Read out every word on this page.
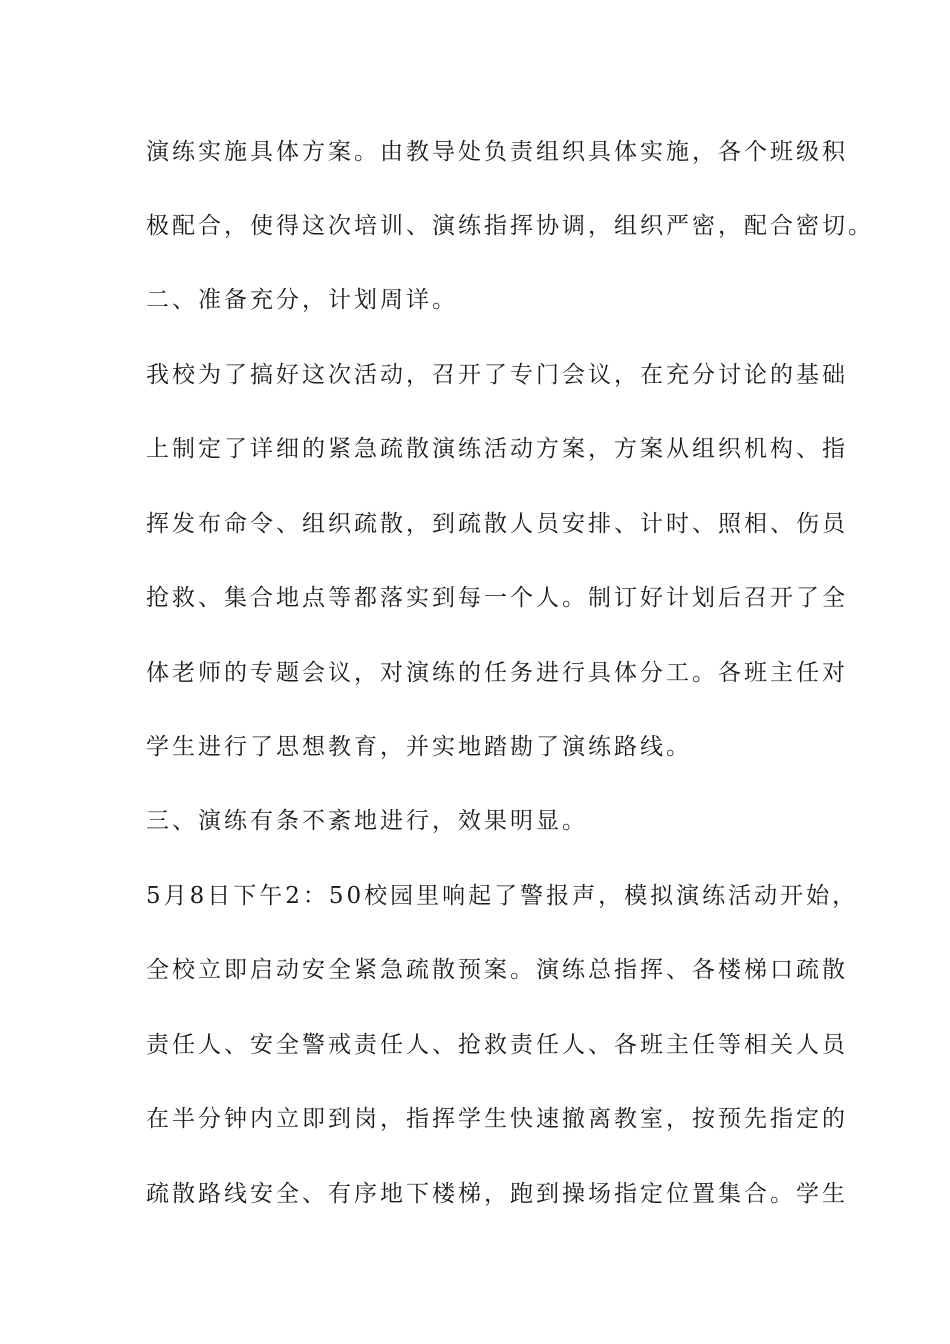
演练实施具体方案。由教导处负责组织具体实施，各个班级积
极配合，使得这次培训、演练指挥协调，组织严密，配合密切。
二、准备充分，计划周详。
我校为了搞好这次活动，召开了专门会议，在充分讨论的基础
上制定了详细的紧急疏散演练活动方案，方案从组织机构、指
挥发布命令、组织疏散，到疏散人员安排、计时、照相、伤员
抢救、集合地点等都落实到每一个人。制订好计划后召开了全
体老师的专题会议，对演练的任务进行具体分工。各班主任对
学生进行了思想教育，并实地踏勘了演练路线。
三、演练有条不紊地进行，效果明显。
5月8日下午2：50校园里响起了警报声，模拟演练活动开始，
全校立即启动安全紧急疏散预案。演练总指挥、各楼梯口疏散
责任人、安全警戒责任人、抢救责任人、各班主任等相关人员
在半分钟内立即到岗，指挥学生快速撤离教室，按预先指定的
疏散路线安全、有序地下楼梯，跑到操场指定位置集合。学生
